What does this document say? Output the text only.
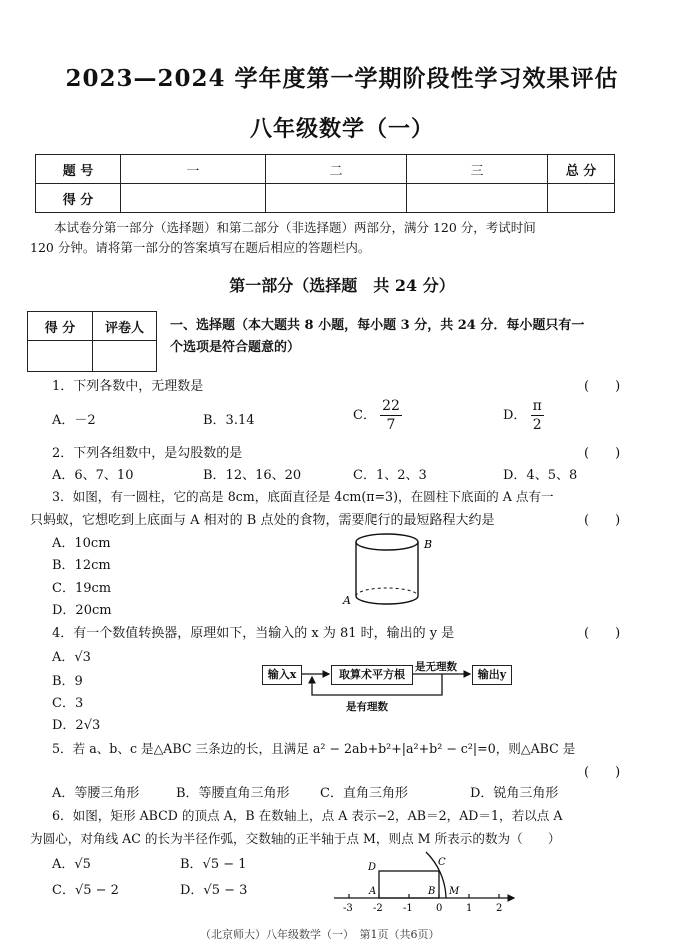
2023—2024 学年度第一学期阶段性学习效果评估
八年级数学（一）
题 号	一	二	三	总 分
得 分				
本试卷分第一部分（选择题）和第二部分（非选择题）两部分，满分 120 分，考试时间
120 分钟。请将第一部分的答案填写在题后相应的答题栏内。
第一部分（选择题　共 24 分）
得 分	评卷人
	一、选择题（本大题共 8 小题，每小题 3 分，共 24 分．每小题只有一
个选项是符合题意的）
1．下列各数中，无理数是	(　　)
A．－2	B．3.14	C． $\frac{22}{7}$	D． $\frac{\pi}{2}$
2．下列各组数中，是勾股数的是	(　　)
A．6、7、10	B．12、16、20	C．1、2、3	D．4、5、8
3．如图，有一圆柱，它的高是 8cm，底面直径是 4cm(π=3)，在圆柱下底面的 A 点有一
只蚂蚁，它想吃到上底面与 A 相对的 B 点处的食物，需要爬行的最短路程大约是	(　　)
A．10cm
B．12cm
C．19cm
D．20cm
B
A
4．有一个数值转换器，原理如下，当输入的 x 为 81 时，输出的 y 是	(　　)
A．√3
B．9
C．3
D．2√3
输入x	取算术平方根	输出y
是无理数
是有理数
5．若 a、b、c 是△ABC 三条边的长，且满足 a² − 2ab+b²+|a²+b² − c²|=0，则△ABC 是
(　　)
A．等腰三角形	B．等腰直角三角形 C．直角三角形	D．锐角三角形
6．如图，矩形 ABCD 的顶点 A，B 在数轴上，点 A 表示−2，AB＝2，AD＝1，若以点 A
为圆心，对角线 AC 的长为半径作弧，交数轴的正半轴于点 M，则点 M 所表示的数为（　　）
A．√5	B．√5 − 1
C．√5 − 2	D．√5 − 3
-3 -2 -1 0 1 2
D	C
A	B M
（北京师大）八年级数学（一）　第1页（共6页）
